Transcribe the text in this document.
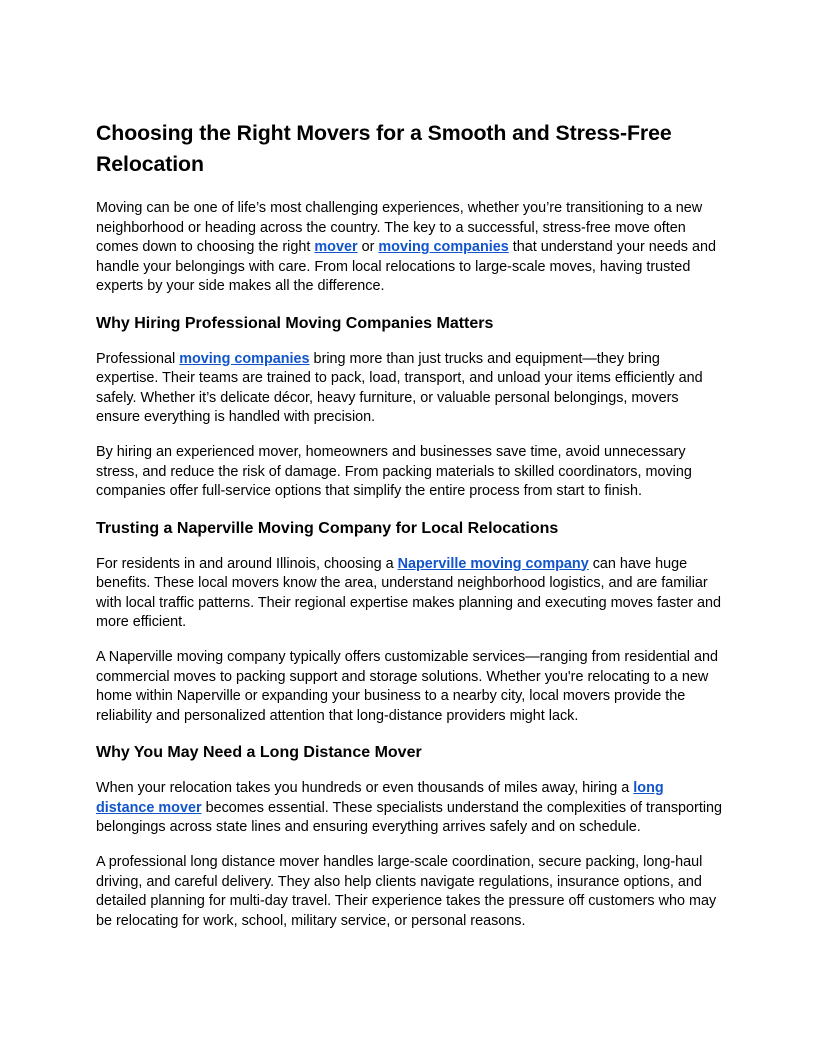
Choosing the Right Movers for a Smooth and Stress-Free Relocation

Moving can be one of life’s most challenging experiences, whether you’re transitioning to a new neighborhood or heading across the country. The key to a successful, stress-free move often comes down to choosing the right mover or moving companies that understand your needs and handle your belongings with care. From local relocations to large-scale moves, having trusted experts by your side makes all the difference.

Why Hiring Professional Moving Companies Matters

Professional moving companies bring more than just trucks and equipment—they bring expertise. Their teams are trained to pack, load, transport, and unload your items efficiently and safely. Whether it’s delicate décor, heavy furniture, or valuable personal belongings, movers ensure everything is handled with precision.

By hiring an experienced mover, homeowners and businesses save time, avoid unnecessary stress, and reduce the risk of damage. From packing materials to skilled coordinators, moving companies offer full-service options that simplify the entire process from start to finish.

Trusting a Naperville Moving Company for Local Relocations

For residents in and around Illinois, choosing a Naperville moving company can have huge benefits. These local movers know the area, understand neighborhood logistics, and are familiar with local traffic patterns. Their regional expertise makes planning and executing moves faster and more efficient.

A Naperville moving company typically offers customizable services—ranging from residential and commercial moves to packing support and storage solutions. Whether you're relocating to a new home within Naperville or expanding your business to a nearby city, local movers provide the reliability and personalized attention that long-distance providers might lack.

Why You May Need a Long Distance Mover

When your relocation takes you hundreds or even thousands of miles away, hiring a long distance mover becomes essential. These specialists understand the complexities of transporting belongings across state lines and ensuring everything arrives safely and on schedule.

A professional long distance mover handles large-scale coordination, secure packing, long-haul driving, and careful delivery. They also help clients navigate regulations, insurance options, and detailed planning for multi-day travel. Their experience takes the pressure off customers who may be relocating for work, school, military service, or personal reasons.
